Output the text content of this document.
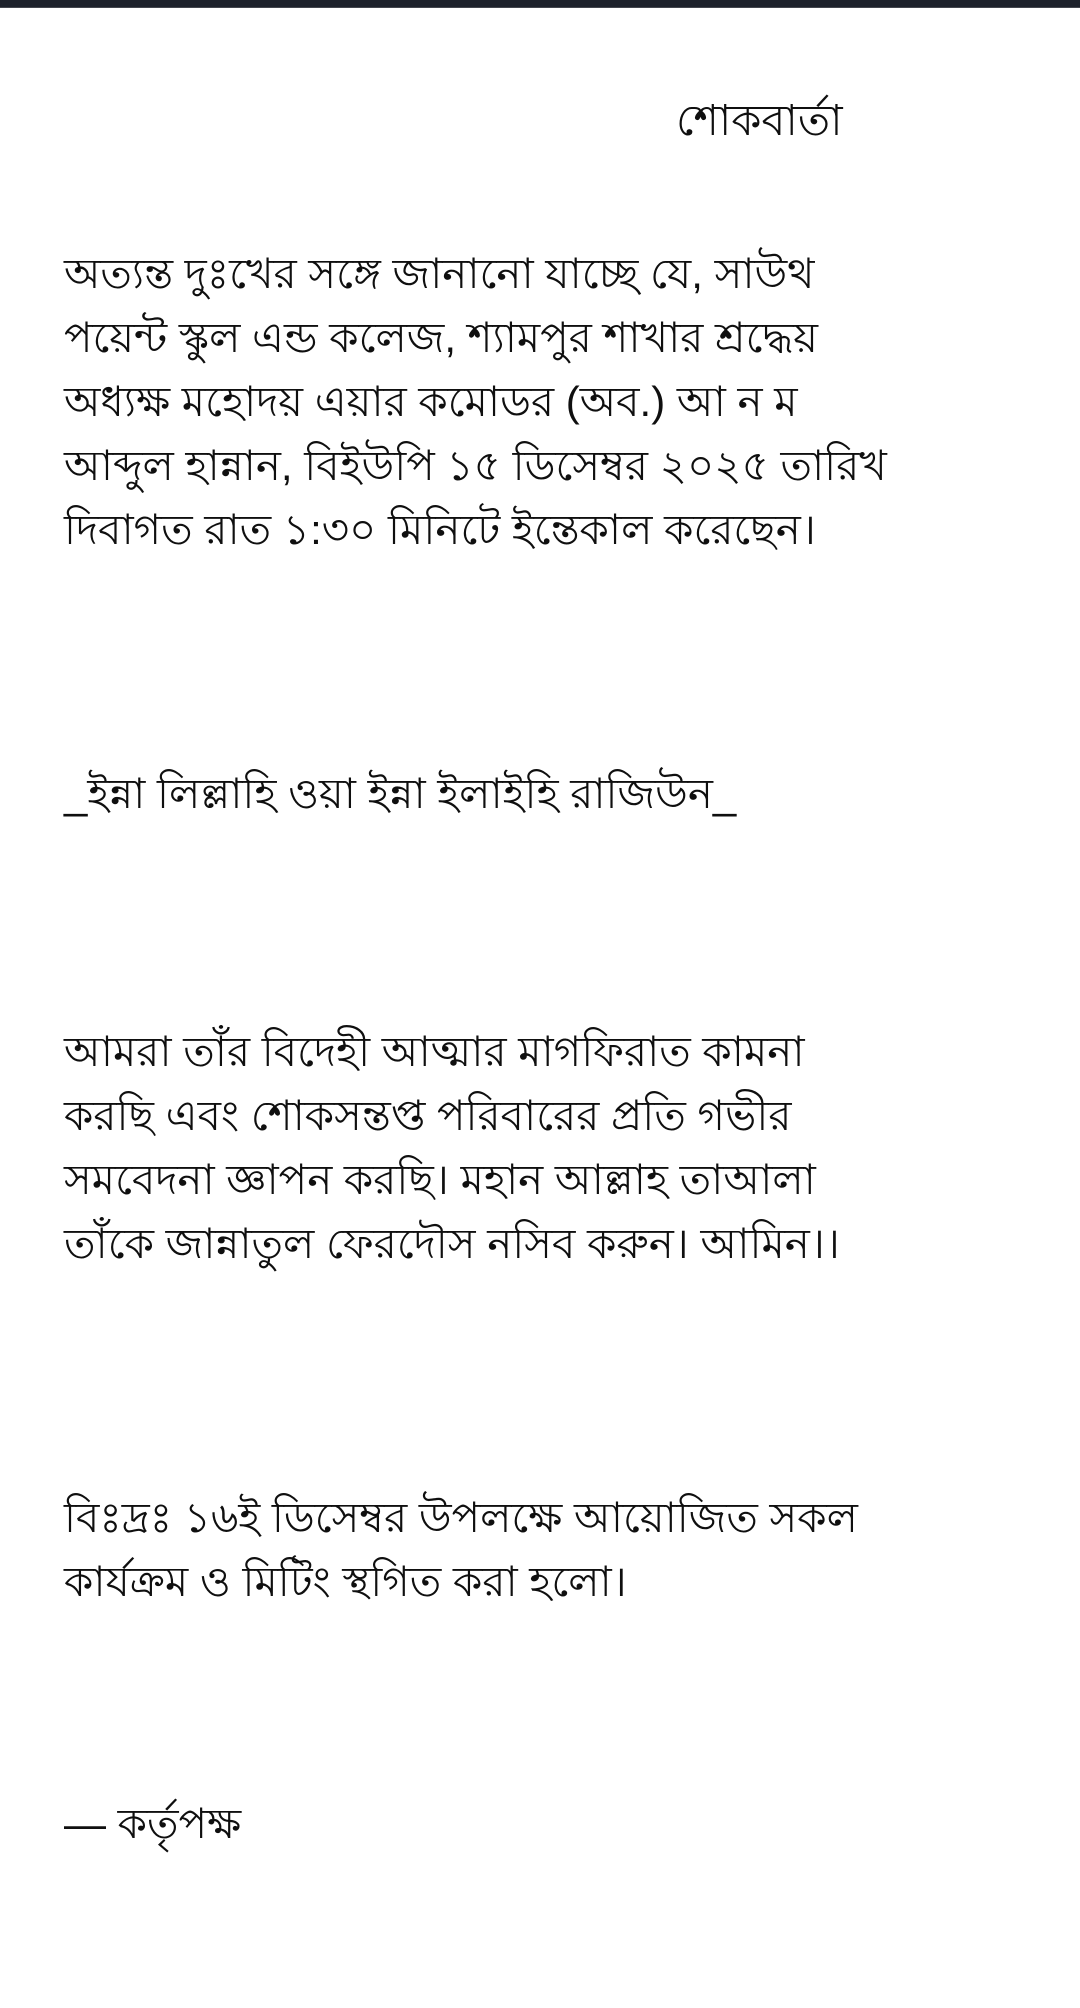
শোকবার্তা
অত্যন্ত দুঃখের সঙ্গে জানানো যাচ্ছে যে, সাউথ
পয়েন্ট স্কুল এন্ড কলেজ, শ্যামপুর শাখার শ্রদ্ধেয়
অধ্যক্ষ মহোদয় এয়ার কমোডর (অব.) আ ন ম
আব্দুল হান্নান, বিইউপি ১৫ ডিসেম্বর ২০২৫ তারিখ
দিবাগত রাত ১:৩০ মিনিটে ইন্তেকাল করেছেন।
_ইন্না লিল্লাহি ওয়া ইন্না ইলাইহি রাজিউন_
আমরা তাঁর বিদেহী আত্মার মাগফিরাত কামনা
করছি এবং শোকসন্তপ্ত পরিবারের প্রতি গভীর
সমবেদনা জ্ঞাপন করছি। মহান আল্লাহ তাআলা
তাঁকে জান্নাতুল ফেরদৌস নসিব করুন। আমিন।।
বিঃদ্রঃ ১৬ই ডিসেম্বর উপলক্ষে আয়োজিত সকল
কার্যক্রম ও মিটিং স্থগিত করা হলো।
— কর্তৃপক্ষ
